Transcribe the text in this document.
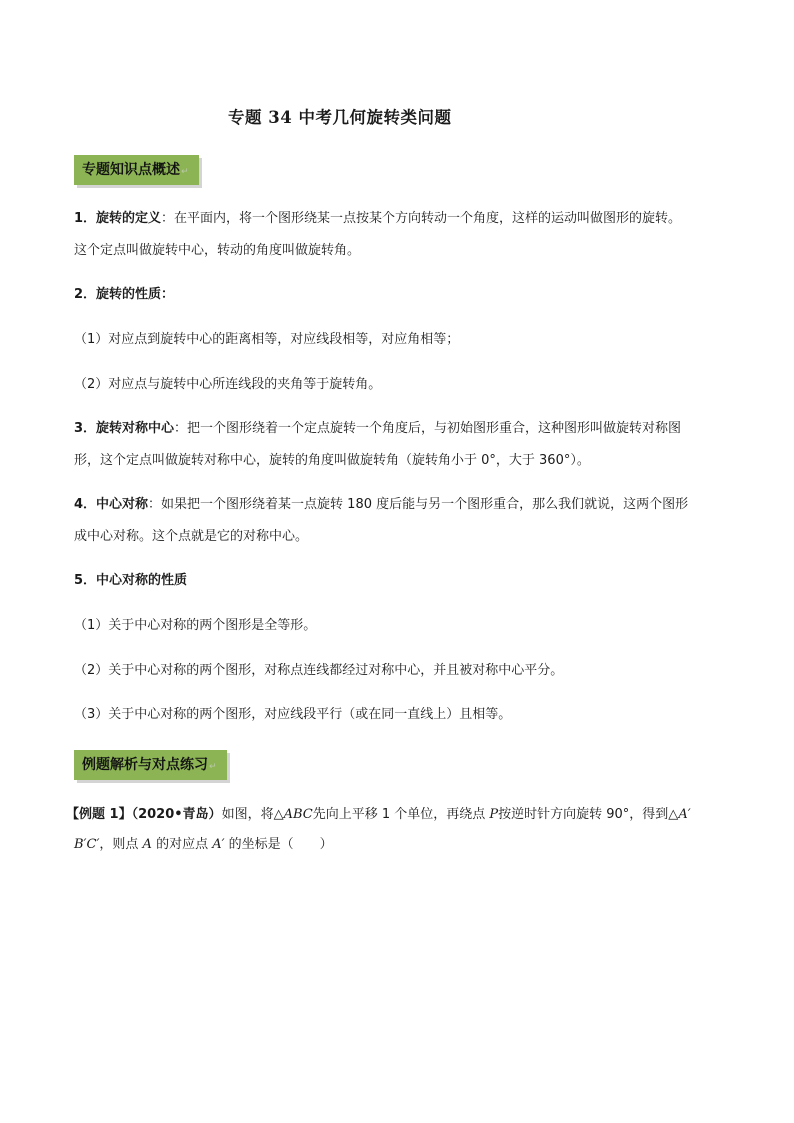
专题 34 中考几何旋转类问题
专题知识点概述↵
1．旋转的定义：在平面内，将一个图形绕某一点按某个方向转动一个角度，这样的运动叫做图形的旋转。
这个定点叫做旋转中心，转动的角度叫做旋转角。
2．旋转的性质：
（1）对应点到旋转中心的距离相等，对应线段相等，对应角相等；
（2）对应点与旋转中心所连线段的夹角等于旋转角。
3．旋转对称中心：把一个图形绕着一个定点旋转一个角度后，与初始图形重合，这种图形叫做旋转对称图
形，这个定点叫做旋转对称中心，旋转的角度叫做旋转角（旋转角小于 0°，大于 360°）。
4．中心对称：如果把一个图形绕着某一点旋转 180 度后能与另一个图形重合，那么我们就说，这两个图形
成中心对称。这个点就是它的对称中心。
5．中心对称的性质
（1）关于中心对称的两个图形是全等形。
（2）关于中心对称的两个图形，对称点连线都经过对称中心，并且被对称中心平分。
（3）关于中心对称的两个图形，对应线段平行（或在同一直线上）且相等。
例题解析与对点练习↵
【例题 1】（2020•青岛）如图，将△ABC先向上平移 1 个单位，再绕点 P按逆时针方向旋转 90°，得到△A′
B′C′，则点 A 的对应点 A′ 的坐标是（　　）
